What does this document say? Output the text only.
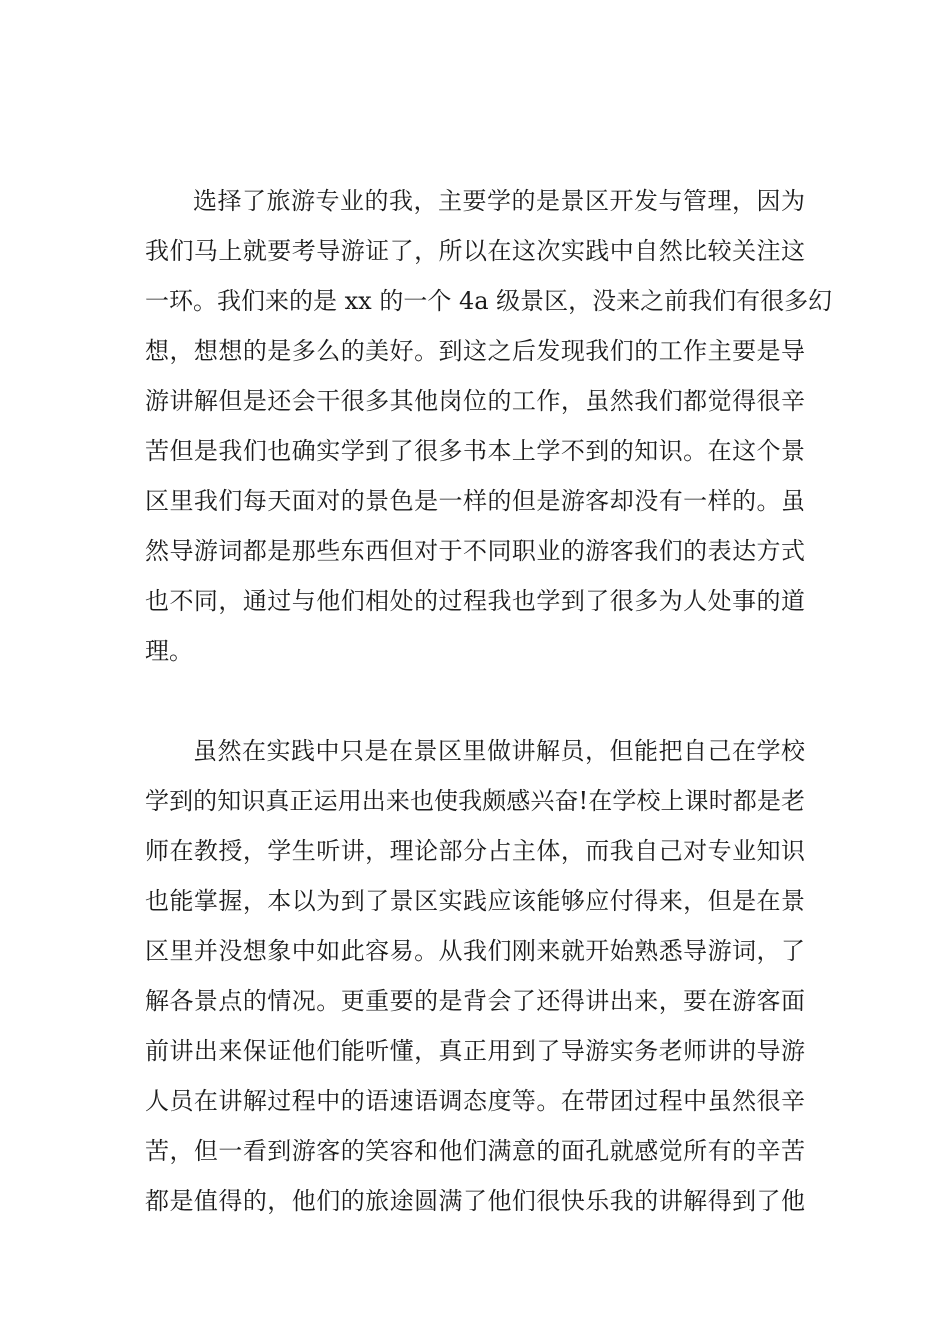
选择了旅游专业的我，主要学的是景区开发与管理，因为
我们马上就要考导游证了，所以在这次实践中自然比较关注这
一环。我们来的是 xx 的一个 4a 级景区，没来之前我们有很多幻
想，想想的是多么的美好。到这之后发现我们的工作主要是导
游讲解但是还会干很多其他岗位的工作，虽然我们都觉得很辛
苦但是我们也确实学到了很多书本上学不到的知识。在这个景
区里我们每天面对的景色是一样的但是游客却没有一样的。虽
然导游词都是那些东西但对于不同职业的游客我们的表达方式
也不同，通过与他们相处的过程我也学到了很多为人处事的道
理。
虽然在实践中只是在景区里做讲解员，但能把自己在学校
学到的知识真正运用出来也使我颇感兴奋!在学校上课时都是老
师在教授，学生听讲，理论部分占主体，而我自己对专业知识
也能掌握，本以为到了景区实践应该能够应付得来，但是在景
区里并没想象中如此容易。从我们刚来就开始熟悉导游词，了
解各景点的情况。更重要的是背会了还得讲出来，要在游客面
前讲出来保证他们能听懂，真正用到了导游实务老师讲的导游
人员在讲解过程中的语速语调态度等。在带团过程中虽然很辛
苦，但一看到游客的笑容和他们满意的面孔就感觉所有的辛苦
都是值得的，他们的旅途圆满了他们很快乐我的讲解得到了他
